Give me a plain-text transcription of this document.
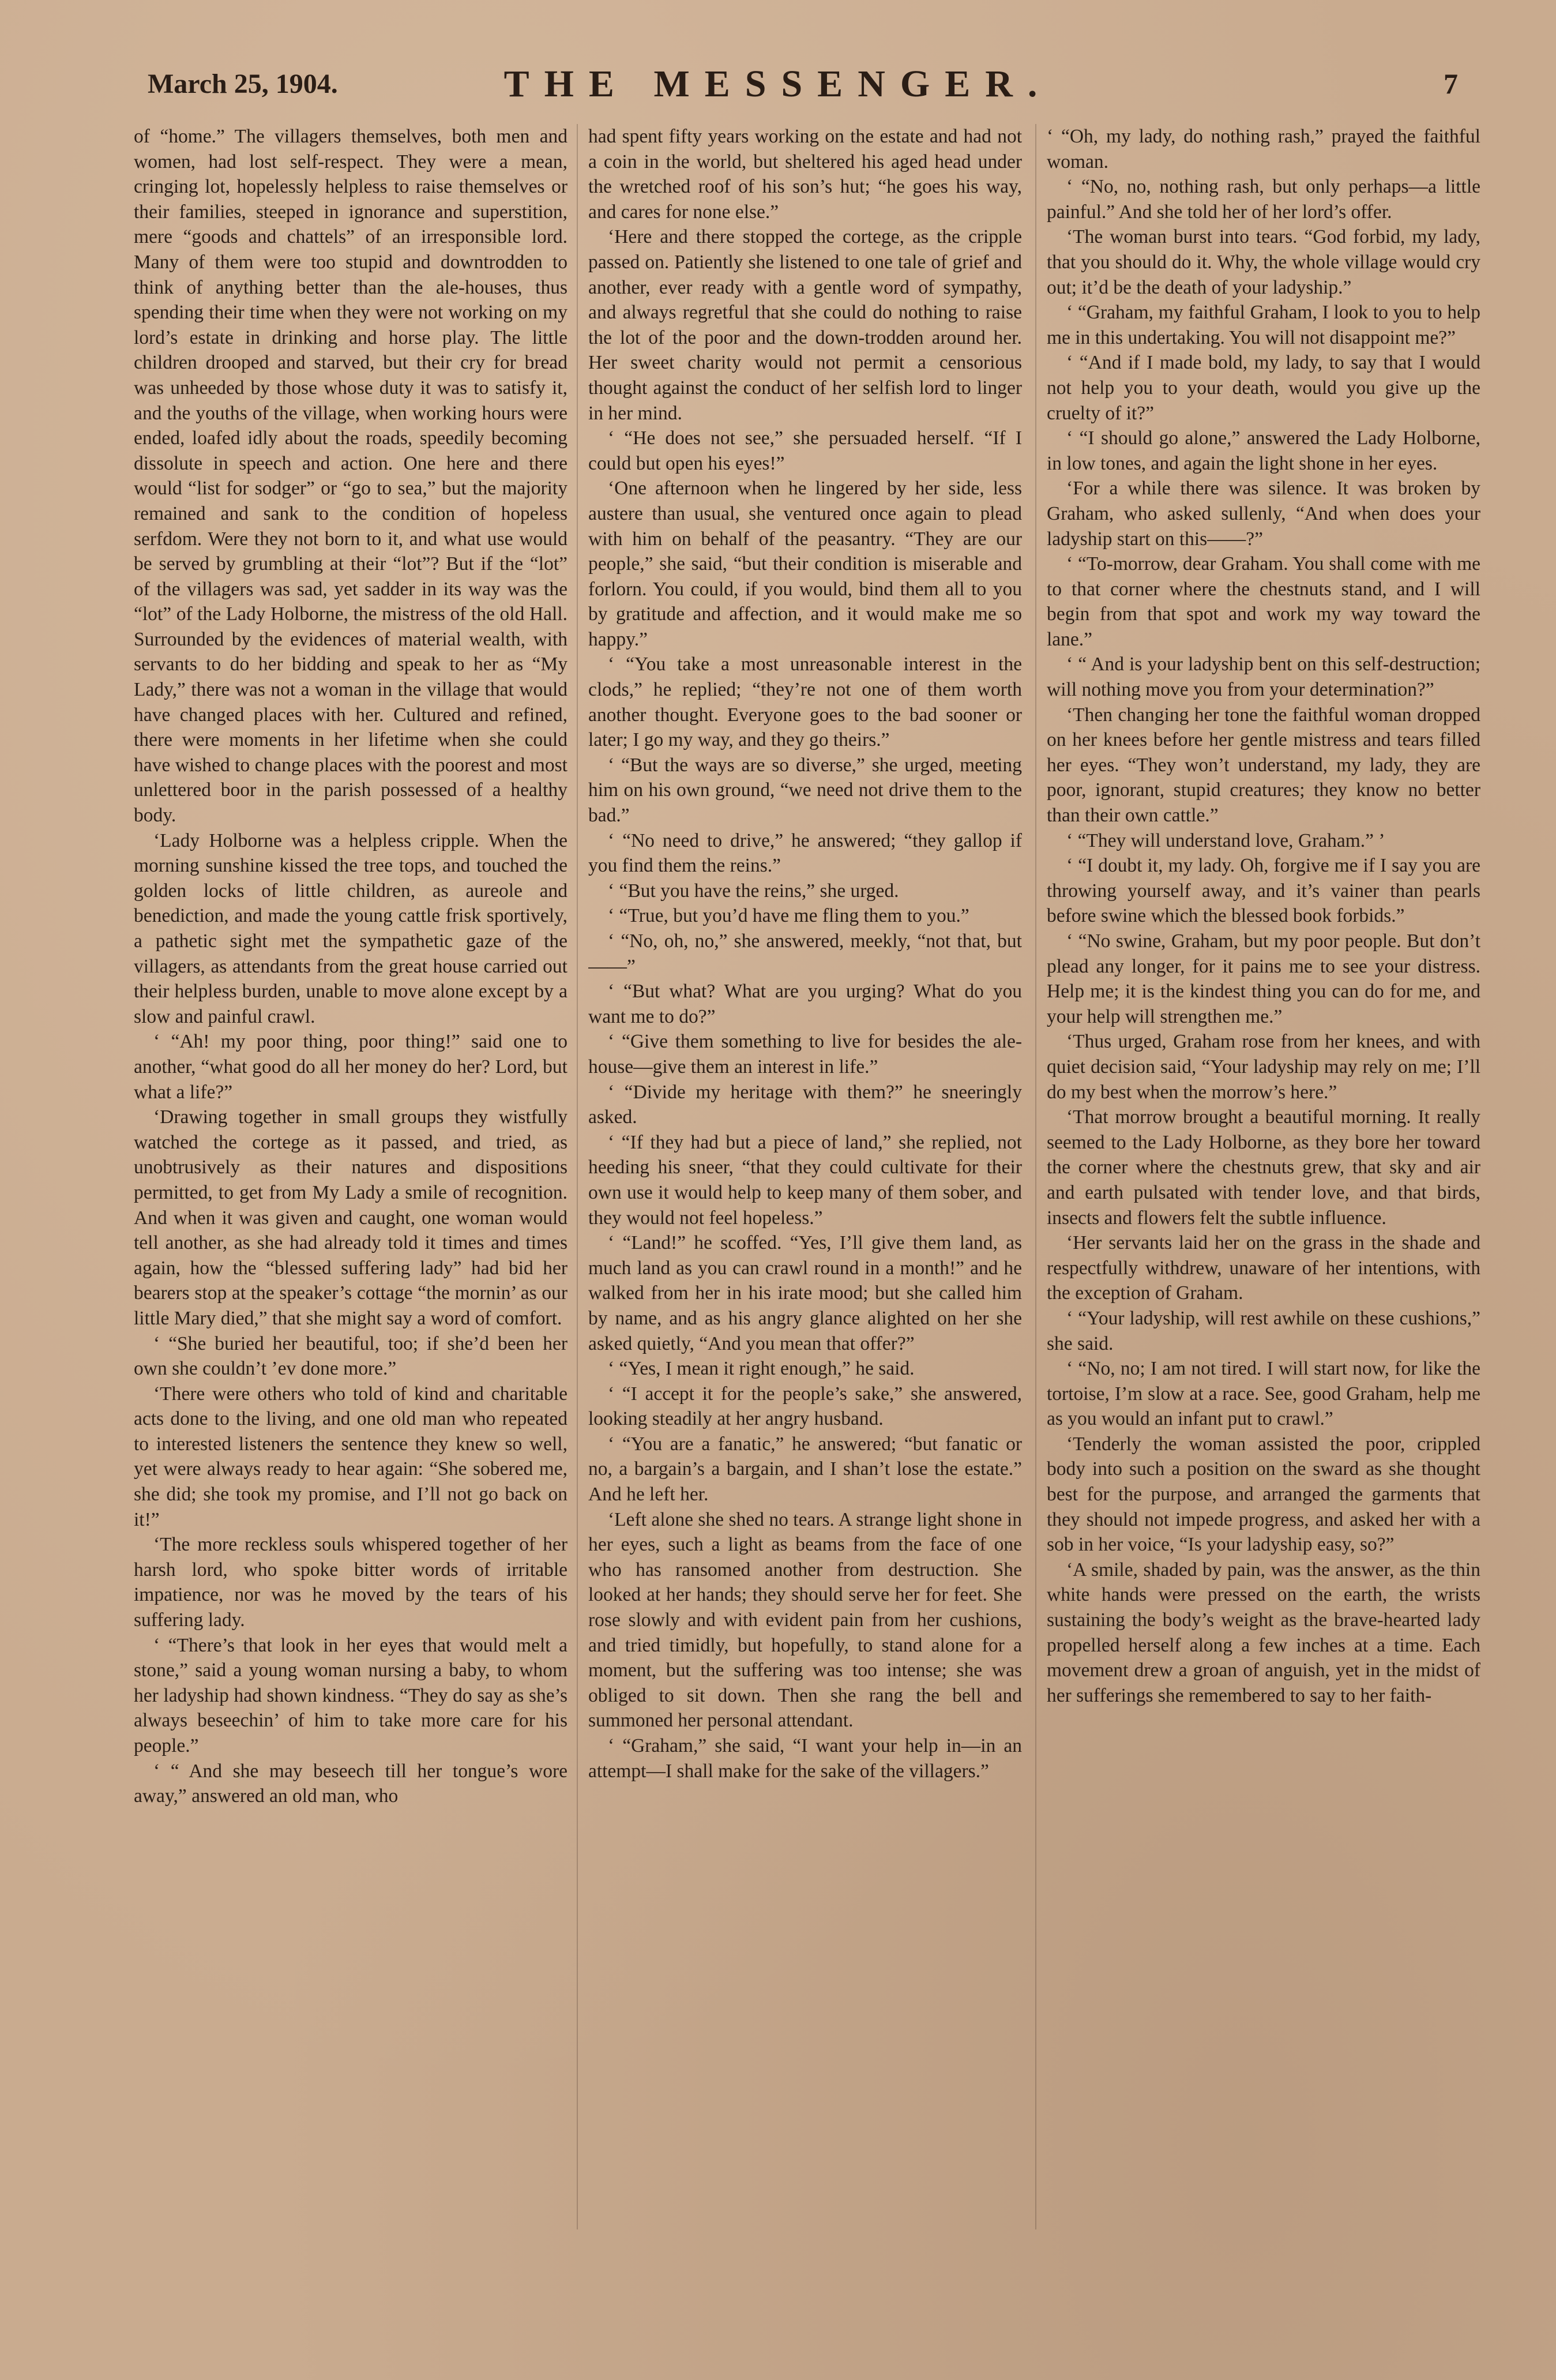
March 25, 1904.	THE MESSENGER.	7

of “home.” The villagers themselves, both men and women, had lost self-respect. They were a mean, cringing lot, hopelessly helpless to raise themselves or their families, steeped in ignorance and superstition, mere “goods and chattels” of an irresponsible lord. Many of them were too stupid and downtrodden to think of anything better than the ale-houses, thus spending their time when they were not working on my lord’s estate in drinking and horse play. The little children drooped and starved, but their cry for bread was unheeded by those whose duty it was to satisfy it, and the youths of the village, when working hours were ended, loafed idly about the roads, speedily becoming dissolute in speech and action. One here and there would “list for sodger” or “go to sea,” but the majority remained and sank to the condition of hopeless serfdom. Were they not born to it, and what use would be served by grumbling at their “lot”? But if the “lot” of the villagers was sad, yet sadder in its way was the “lot” of the Lady Holborne, the mistress of the old Hall. Surrounded by the evidences of material wealth, with servants to do her bidding and speak to her as “My Lady,” there was not a woman in the village that would have changed places with her. Cultured and refined, there were moments in her lifetime when she could have wished to change places with the poorest and most unlettered boor in the parish possessed of a healthy body.

‘Lady Holborne was a helpless cripple. When the morning sunshine kissed the tree tops, and touched the golden locks of little children, as aureole and benediction, and made the young cattle frisk sportively, a pathetic sight met the sympathetic gaze of the villagers, as attendants from the great house carried out their helpless burden, unable to move alone except by a slow and painful crawl.

‘ “Ah! my poor thing, poor thing!” said one to another, “what good do all her money do her? Lord, but what a life?”

‘Drawing together in small groups they wistfully watched the cortege as it passed, and tried, as unobtrusively as their natures and dispositions permitted, to get from My Lady a smile of recognition. And when it was given and caught, one woman would tell another, as she had already told it times and times again, how the “blessed suffering lady” had bid her bearers stop at the speaker’s cottage “the mornin’ as our little Mary died,” that she might say a word of comfort.

‘ “She buried her beautiful, too; if she’d been her own she couldn’t ’ev done more.”

‘There were others who told of kind and charitable acts done to the living, and one old man who repeated to interested listeners the sentence they knew so well, yet were always ready to hear again: “She sobered me, she did; she took my promise, and I’ll not go back on it!”

‘The more reckless souls whispered together of her harsh lord, who spoke bitter words of irritable impatience, nor was he moved by the tears of his suffering lady.

‘ “There’s that look in her eyes that would melt a stone,” said a young woman nursing a baby, to whom her ladyship had shown kindness. “They do say as she’s always beseechin’ of him to take more care for his people.”

‘ “ And she may beseech till her tongue’s wore away,” answered an old man, who

had spent fifty years working on the estate and had not a coin in the world, but sheltered his aged head under the wretched roof of his son’s hut; “he goes his way, and cares for none else.”

‘Here and there stopped the cortege, as the cripple passed on. Patiently she listened to one tale of grief and another, ever ready with a gentle word of sympathy, and always regretful that she could do nothing to raise the lot of the poor and the down-trodden around her. Her sweet charity would not permit a censorious thought against the conduct of her selfish lord to linger in her mind.

‘ “He does not see,” she persuaded herself. “If I could but open his eyes!”

‘One afternoon when he lingered by her side, less austere than usual, she ventured once again to plead with him on behalf of the peasantry. “They are our people,” she said, “but their condition is miserable and forlorn. You could, if you would, bind them all to you by gratitude and affection, and it would make me so happy.”

‘ “You take a most unreasonable interest in the clods,” he replied; “they’re not one of them worth another thought. Everyone goes to the bad sooner or later; I go my way, and they go theirs.”

‘ “But the ways are so diverse,” she urged, meeting him on his own ground, “we need not drive them to the bad.”

‘ “No need to drive,” he answered; “they gallop if you find them the reins.”

‘ “But you have the reins,” she urged.

‘ “True, but you’d have me fling them to you.”

‘ “No, oh, no,” she answered, meekly, “not that, but——”

‘ “But what? What are you urging? What do you want me to do?”

‘ “Give them something to live for besides the ale-house—give them an interest in life.”

‘ “Divide my heritage with them?” he sneeringly asked.

‘ “If they had but a piece of land,” she replied, not heeding his sneer, “that they could cultivate for their own use it would help to keep many of them sober, and they would not feel hopeless.”

‘ “Land!” he scoffed. “Yes, I’ll give them land, as much land as you can crawl round in a month!” and he walked from her in his irate mood; but she called him by name, and as his angry glance alighted on her she asked quietly, “And you mean that offer?”

‘ “Yes, I mean it right enough,” he said.

‘ “I accept it for the people’s sake,” she answered, looking steadily at her angry husband.

‘ “You are a fanatic,” he answered; “but fanatic or no, a bargain’s a bargain, and I shan’t lose the estate.” And he left her.

‘Left alone she shed no tears. A strange light shone in her eyes, such a light as beams from the face of one who has ransomed another from destruction. She looked at her hands; they should serve her for feet. She rose slowly and with evident pain from her cushions, and tried timidly, but hopefully, to stand alone for a moment, but the suffering was too intense; she was obliged to sit down. Then she rang the bell and summoned her personal attendant.

‘ “Graham,” she said, “I want your help in—in an attempt—I shall make for the sake of the villagers.”

‘ “Oh, my lady, do nothing rash,” prayed the faithful woman.

‘ “No, no, nothing rash, but only perhaps—a little painful.” And she told her of her lord’s offer.

‘The woman burst into tears. “God forbid, my lady, that you should do it. Why, the whole village would cry out; it’d be the death of your ladyship.”

‘ “Graham, my faithful Graham, I look to you to help me in this undertaking. You will not disappoint me?”

‘ “And if I made bold, my lady, to say that I would not help you to your death, would you give up the cruelty of it?”

‘ “I should go alone,” answered the Lady Holborne, in low tones, and again the light shone in her eyes.

‘For a while there was silence. It was broken by Graham, who asked sullenly, “And when does your ladyship start on this——?”

‘ “To-morrow, dear Graham. You shall come with me to that corner where the chestnuts stand, and I will begin from that spot and work my way toward the lane.”

‘ “ And is your ladyship bent on this self-destruction; will nothing move you from your determination?”

‘Then changing her tone the faithful woman dropped on her knees before her gentle mistress and tears filled her eyes. “They won’t understand, my lady, they are poor, ignorant, stupid creatures; they know no better than their own cattle.”

‘ “They will understand love, Graham.” ’

‘ “I doubt it, my lady. Oh, forgive me if I say you are throwing yourself away, and it’s vainer than pearls before swine which the blessed book forbids.”

‘ “No swine, Graham, but my poor people. But don’t plead any longer, for it pains me to see your distress. Help me; it is the kindest thing you can do for me, and your help will strengthen me.”

‘Thus urged, Graham rose from her knees, and with quiet decision said, “Your ladyship may rely on me; I’ll do my best when the morrow’s here.”

‘That morrow brought a beautiful morning. It really seemed to the Lady Holborne, as they bore her toward the corner where the chestnuts grew, that sky and air and earth pulsated with tender love, and that birds, insects and flowers felt the subtle influence.

‘Her servants laid her on the grass in the shade and respectfully withdrew, unaware of her intentions, with the exception of Graham.

‘ “Your ladyship, will rest awhile on these cushions,” she said.

‘ “No, no; I am not tired. I will start now, for like the tortoise, I’m slow at a race. See, good Graham, help me as you would an infant put to crawl.”

‘Tenderly the woman assisted the poor, crippled body into such a position on the sward as she thought best for the purpose, and arranged the garments that they should not impede progress, and asked her with a sob in her voice, “Is your ladyship easy, so?”

‘A smile, shaded by pain, was the answer, as the thin white hands were pressed on the earth, the wrists sustaining the body’s weight as the brave-hearted lady propelled herself along a few inches at a time. Each movement drew a groan of anguish, yet in the midst of her sufferings she remembered to say to her faith-
